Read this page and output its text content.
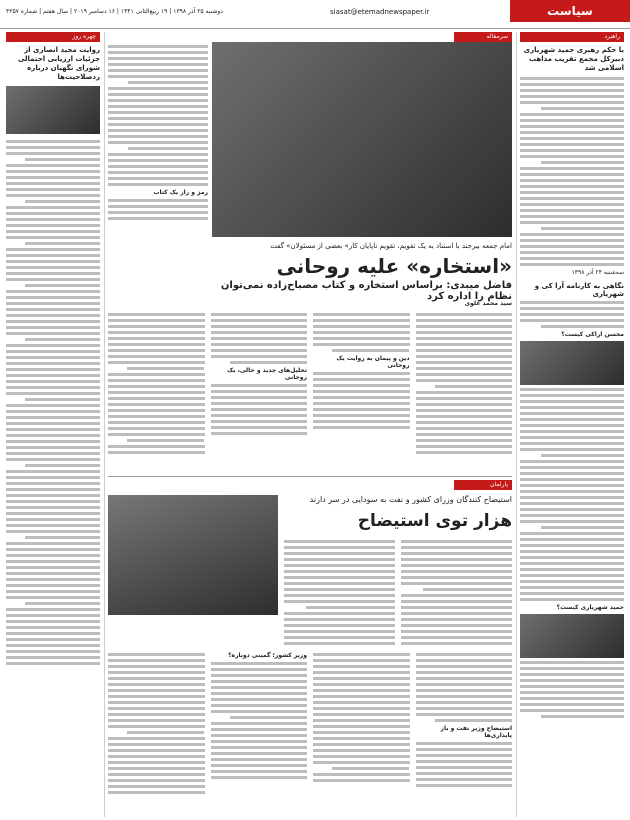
دوشنبه ۲۵ آذر ۱۳۹۸ | ۱۹ ربیع‌الثانی ۱۴۴۱ | ۱۶ دسامبر ۲۰۱۹ | سال هفتم | شماره ۴۳۵۷	siasat@etemadnewspaper.ir	سیاست
چهره روز
روایت مجید انصاری از جزئیات ارزیابی احتمالی شورای نگهبان درباره ردصلاحیت‌ها
راهبرد
با حکم رهبری حمید شهریاری دبیرکل مجمع تقریب مذاهب اسلامی شد
سه‌شنبه ۲۴ آذر ۱۳۹۸
نگاهی به کارنامه آرا کی و شهریاری
محسن اراکی کیست؟
حمید شهریاری کیست؟
سرمقاله
رمز و راز یک کتاب
امام جمعه بیرجند با استناد به یک تقویم، تقویم ناپایان کار» بعضی از مسئولان» گفت
«استخاره» علیه روحانی
فاضل میبدی: براساس استخاره و کتاب مصباح‌زاده نمی‌توان نظام را اداره کرد
سید محمد علوی
تحلیل‌های جدید و حالی، یک روحانی
دین و پیمان به روایت یک روحانی
پارلمان
استیضاح کنندگان وزرای کشور و نفت به سودایی در سر دارند
هزار توی استیضاح
وزیر کشور؛ گمینی دوباره؟
استیضاح وزیر نفت و باز پایداری‌ها
